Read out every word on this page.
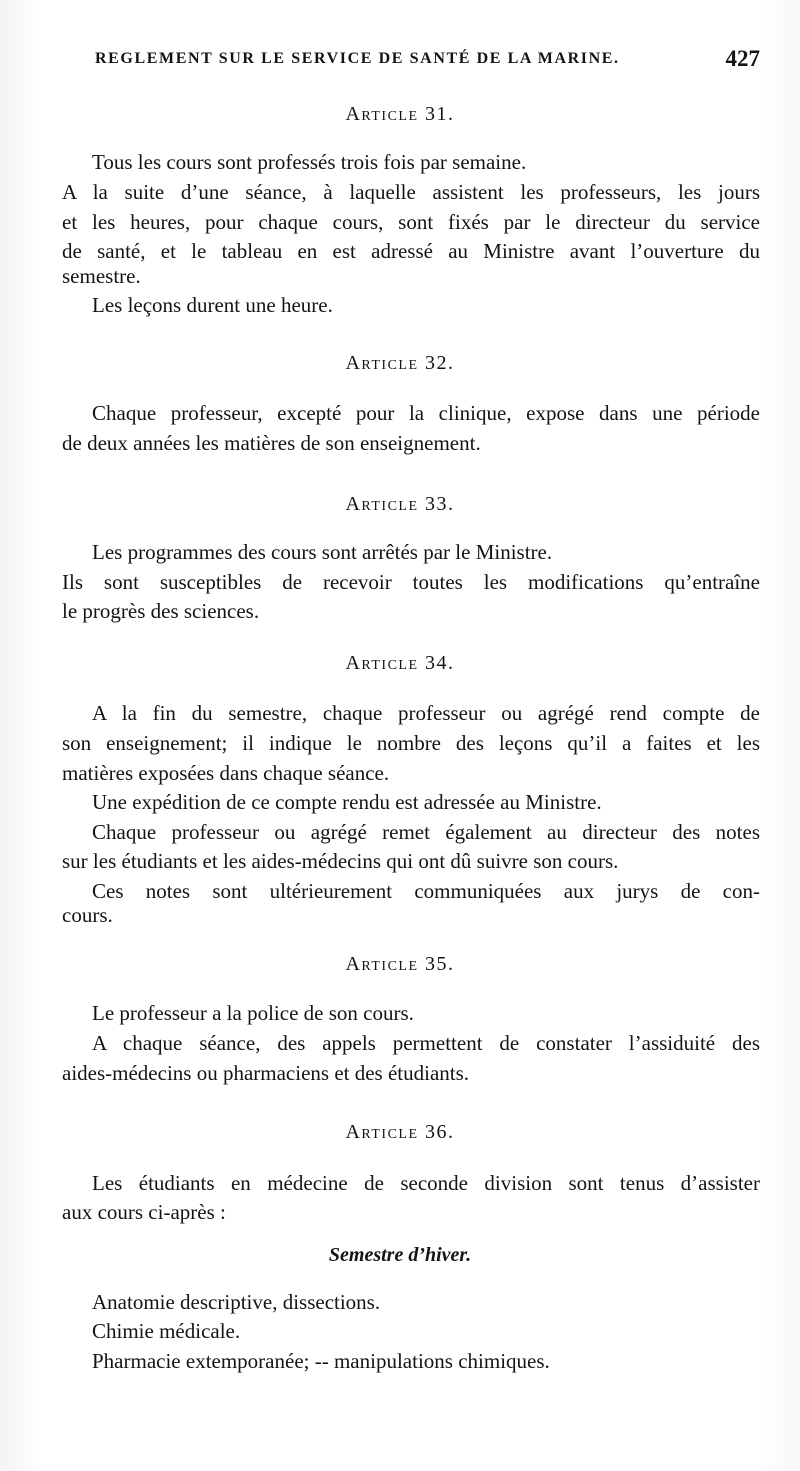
REGLEMENT SUR LE SERVICE DE SANTÉ DE LA MARINE.	427
Article 31.
Tous les cours sont professés trois fois par semaine.
A la suite d’une séance, à laquelle assistent les professeurs, les jours
et les heures, pour chaque cours, sont fixés par le directeur du service
de santé, et le tableau en est adressé au Ministre avant l’ouverture du
semestre.
Les leçons durent une heure.
Article 32.
Chaque professeur, excepté pour la clinique, expose dans une période
de deux années les matières de son enseignement.
Article 33.
Les programmes des cours sont arrêtés par le Ministre.
Ils sont susceptibles de recevoir toutes les modifications qu’entraîne
le progrès des sciences.
Article 34.
A la fin du semestre, chaque professeur ou agrégé rend compte de
son enseignement; il indique le nombre des leçons qu’il a faites et les
matières exposées dans chaque séance.
Une expédition de ce compte rendu est adressée au Ministre.
Chaque professeur ou agrégé remet également au directeur des notes
sur les étudiants et les aides-médecins qui ont dû suivre son cours.
Ces notes sont ultérieurement communiquées aux jurys de con-
cours.
Article 35.
Le professeur a la police de son cours.
A chaque séance, des appels permettent de constater l’assiduité des
aides-médecins ou pharmaciens et des étudiants.
Article 36.
Les étudiants en médecine de seconde division sont tenus d’assister
aux cours ci-après :
Semestre d’hiver.
Anatomie descriptive, dissections.
Chimie médicale.
Pharmacie extemporanée; -- manipulations chimiques.
